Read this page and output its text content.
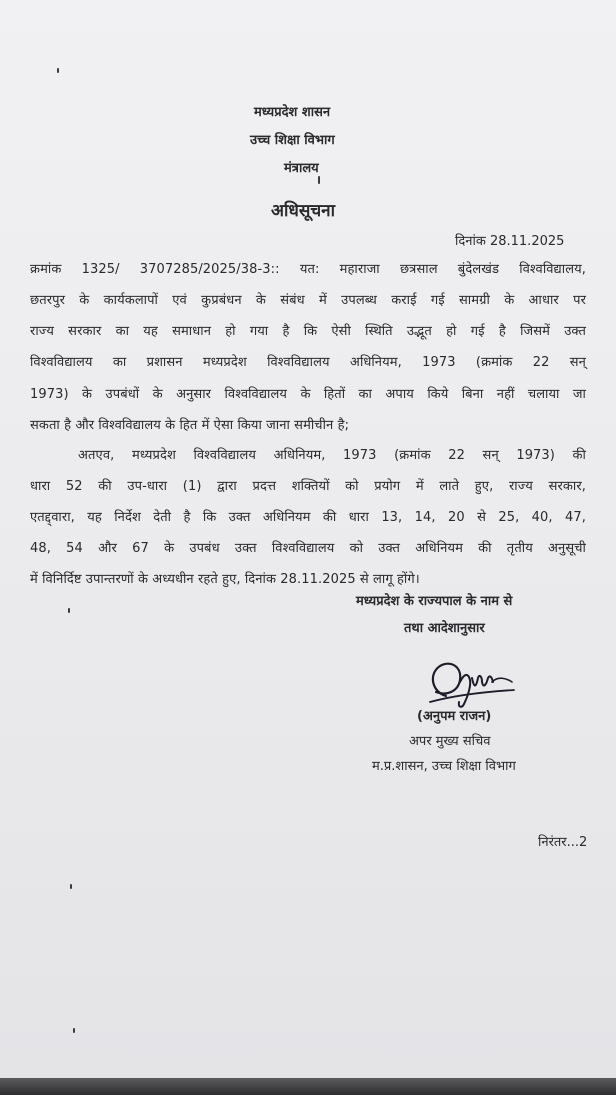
मध्यप्रदेश शासन
उच्च शिक्षा विभाग
मंत्रालय
अधिसूचना
दिनांक 28.11.2025
क्रमांक 1325/ 3707285/2025/38-3:: यत: महाराजा छत्रसाल बुंदेलखंड विश्वविद्यालय,
छतरपुर के कार्यकलापों एवं कुप्रबंधन के संबंध में उपलब्ध कराई गई सामग्री के आधार पर
राज्य सरकार का यह समाधान हो गया है कि ऐसी स्थिति उद्भूत हो गई है जिसमें उक्त
विश्वविद्यालय का प्रशासन मध्यप्रदेश विश्वविद्यालय अधिनियम, 1973 (क्रमांक 22 सन्
1973) के उपबंधों के अनुसार विश्वविद्यालय के हितों का अपाय किये बिना नहीं चलाया जा
सकता है और विश्वविद्यालय के हित में ऐसा किया जाना समीचीन है;
अतएव, मध्यप्रदेश विश्वविद्यालय अधिनियम, 1973 (क्रमांक 22 सन् 1973) की
धारा 52 की उप-धारा (1) द्वारा प्रदत्त शक्तियों को प्रयोग में लाते हुए, राज्य सरकार,
एतद्द्वारा, यह निर्देश देती है कि उक्त अधिनियम की धारा 13, 14, 20 से 25, 40, 47,
48, 54 और 67 के उपबंध उक्त विश्वविद्यालय को उक्त अधिनियम की तृतीय अनुसूची
में विनिर्दिष्ट उपान्तरणों के अध्यधीन रहते हुए, दिनांक 28.11.2025 से लागू होंगे।
मध्यप्रदेश के राज्यपाल के नाम से
तथा आदेशानुसार
(अनुपम राजन)
अपर मुख्य सचिव
म.प्र.शासन, उच्च शिक्षा विभाग
निरंतर...2
